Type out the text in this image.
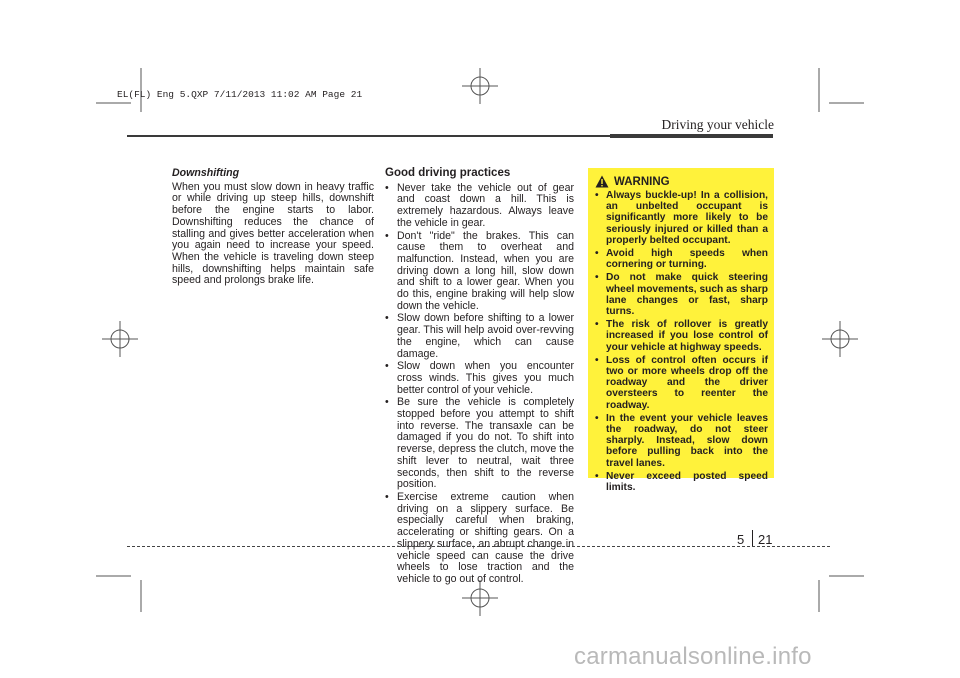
EL(FL) Eng 5.QXP 7/11/2013 11:02 AM Page 21
Driving your vehicle
Downshifting
When you must slow down in heavy traffic or while driving up steep hills, downshift before the engine starts to labor. Downshifting reduces the chance of stalling and gives better acceleration when you again need to increase your speed. When the vehicle is traveling down steep hills, downshifting helps maintain safe speed and prolongs brake life.
Good driving practices
• Never take the vehicle out of gear and coast down a hill. This is extremely hazardous. Always leave the vehicle in gear.
• Don't "ride" the brakes. This can cause them to overheat and malfunction. Instead, when you are driving down a long hill, slow down and shift to a lower gear. When you do this, engine braking will help slow down the vehicle.
• Slow down before shifting to a lower gear. This will help avoid over-revving the engine, which can cause damage.
• Slow down when you encounter cross winds. This gives you much better control of your vehicle.
• Be sure the vehicle is completely stopped before you attempt to shift into reverse. The transaxle can be damaged if you do not. To shift into reverse, depress the clutch, move the shift lever to neutral, wait three seconds, then shift to the reverse position.
• Exercise extreme caution when driving on a slippery surface. Be especially careful when braking, accelerating or shifting gears. On a slippery surface, an abrupt change in vehicle speed can cause the drive wheels to lose traction and the vehicle to go out of control.
WARNING
• Always buckle-up! In a collision, an unbelted occupant is significantly more likely to be seriously injured or killed than a properly belted occupant.
• Avoid high speeds when cornering or turning.
• Do not make quick steering wheel movements, such as sharp lane changes or fast, sharp turns.
• The risk of rollover is greatly increased if you lose control of your vehicle at highway speeds.
• Loss of control often occurs if two or more wheels drop off the roadway and the driver oversteers to reenter the roadway.
• In the event your vehicle leaves the roadway, do not steer sharply. Instead, slow down before pulling back into the travel lanes.
• Never exceed posted speed limits.
5 21
carmanualsonline.info
